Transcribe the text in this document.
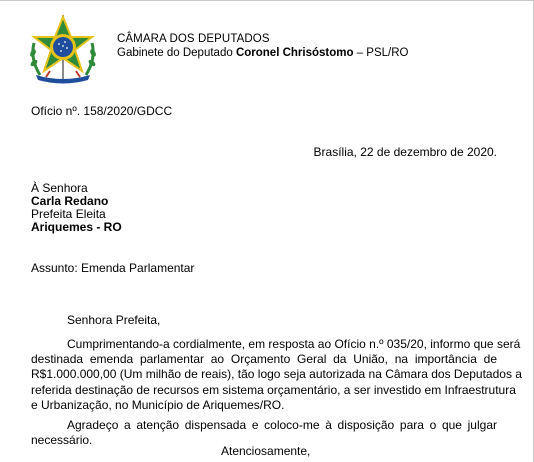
CÂMARA DOS DEPUTADOS
Gabinete do Deputado Coronel Chrisóstomo – PSL/RO
Ofício nº. 158/2020/GDCC
Brasília, 22 de dezembro de 2020.
À Senhora
Carla Redano
Prefeita Eleita
Ariquemes - RO
Assunto: Emenda Parlamentar
Senhora Prefeita,
Cumprimentando-a cordialmente, em resposta ao Ofício n.º 035/20, informo que será
destinada emenda parlamentar ao Orçamento Geral da União, na importância de
R$1.000.000,00 (Um milhão de reais), tão logo seja autorizada na Câmara dos Deputados a
referida destinação de recursos em sistema orçamentário, a ser investido em Infraestrutura
e Urbanização, no Município de Ariquemes/RO.
Agradeço a atenção dispensada e coloco-me à disposição para o que julgar
necessário.
Atenciosamente,
